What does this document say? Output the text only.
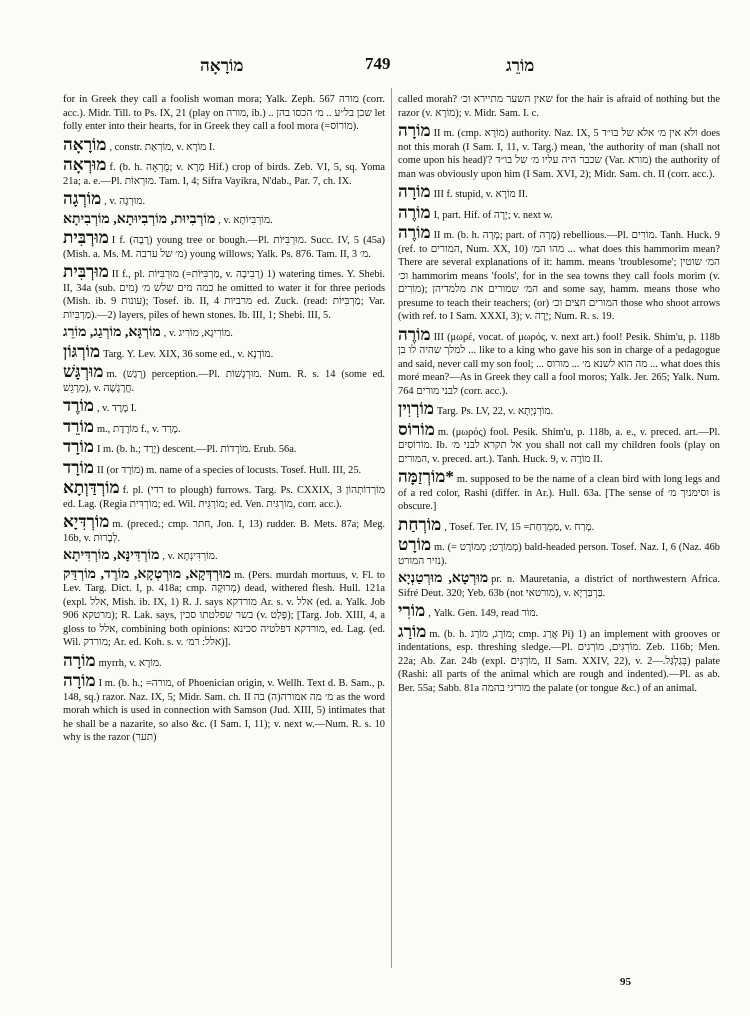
מוֹרָאָה	749	מוֹרֵג
for in Greek they call a foolish woman mora; Yalk. Zeph. 567 מורה (corr. acc.). Midr. Till. to Ps. IX, 21 (play on מורה, ib.) .. שכן בל״ע .. מ׳ הכסו בהן let folly enter into their hearts, for in Greek they call a fool mora (=מוֹרוֹס).
מוֹרָאָה , constr. מוֹרְאַת, v. מוֹרָא I.
מוּרְאָה f. (b. h. מֻרְאָה; v. מְרָא Hif.) crop of birds. Zeb. VI, 5, sq. Yoma 21a; a. e.—Pl. מוּרְאוֹת. Tam. I, 4; Sifra Vayikra, N'dab., Par. 7, ch. IX.
מוֹרְגָה , v. מוּרְגָה.
מוֹרְבִיוּת, מוֹרְבִיוּתָא, מוֹרְבִיתָא , v. מוֹרְבִיוֹתָא.
מוּרְבִּית I f. (רָבָה) young tree or bough.—Pl. מוּרְבִּיּוֹת. Succ. IV, 5 (45a) (Mish. a. Ms. M. מ׳ של ערבה) young willows; Yalk. Ps. 876. Tam. II, 3 מ׳.
מוּרְבִּית II f., pl. מוּרְבִּיּוֹת (=מַרְבִּיּוֹת, v. רְבִיבָה) 1) watering times. Y. Shebi. II, 34a (sub. מים) כמה מים שלש מ׳ he omitted to water it for three periods (Mish. ib. 9 עונות); Tosef. ib. II, 4 מרביות ed. Zuck. (read: מַרְבִּיּוֹת; Var. מַרְבִּיוֹת).—2) layers, piles of hewn stones. Ib. III, 1; Shebi. III, 5.
מוֹרְגָּא, מוֹרְגַג, מוֹרֵג , v. מוֹרִיגָא, מוֹרִיג.
מוֹרְגּוֹן Targ. Y. Lev. XIX, 36 some ed., v. מוֹדְנָא.
מוּרְגָּשׁ m. (רָגַשׁ) perception.—Pl. מוּרְגָשׁוֹת. Num. R. s. 14 (some ed. מְרָגֵשׁ), v. חֲרָגָשָׁה.
מוֹרֶד , v. מֶרֶד I.
מוֹרֵד m., מוֹרֶדֶת f., v. מָרַד.
מוֹרָד I m. (b. h.; יָרַד) descent.—Pl. מוֹרָדוֹת. Erub. 56a.
מוֹרָד II (or מוֹרָד) m. name of a species of locusts. Tosef. Hull. III, 25.
מוֹרְדַּוְתָא f. pl. (רדי to plough) furrows. Targ. Ps. CXXIX, 3 מוֹרְדוֹתְהוֹן ed. Lag. (Regia מוֹרְדִּית; ed. Wil. מוֹרְגִּית; ed. Ven. מוֹרְגִּית, corr. acc.).
מוֹרְדִּיָא m. (preced.; cmp. חתר, Jon. I, 13) rudder. B. Mets. 87a; Meg. 16b, v. לְבָרוּת.
מוֹרְדִּינָּא, מוֹרְדִּיתָא , v. מוֹרְדִּינְתָא.
מוּרְדְּקָא, מוּרְטְקָא, מוֹרֶד, מוֹרְדַּק m. (Pers. murdah mortuus, v. Fl. to Lev. Targ. Dict. I, p. 418a; cmp. מְרוּקָה) dead, withered flesh. Hull. 121a (expl. אלל, Mish. ib. IX, 1) R. J. says מורדקא Ar. s. v. אלל (ed. a. Yalk. Job 906 מרטקא); R. Lak. says, בשר שפלטתו סכין (v. פָּלַט); [Targ. Job. XIII, 4, a gloss to אלל, combining both opinions: מורדקא דפלטיה סכינא, ed. Lag. (ed. Wil. מורדק; Ar. ed. Koh. s. v. אלל: רמ׳)].
מוֹרָה myrrh, v. מוֹרָא.
מוֹרָה I m. (b. h.; =מורה, of Phoenician origin, v. Wellh. Text d. B. Sam., p. 148, sq.) razor. Naz. IX, 5; Midr. Sam. ch. II מ׳ מה אמורה(ה) בה as the word morah which is used in connection with Samson (Jud. XIII, 5) intimates that he shall be a nazarite, so also &c. (I Sam. I, 11); v. next w.—Num. R. s. 10 why is the razor (תער)
called morah? שאין השער מתיירא וכ׳ for the hair is afraid of nothing but the razor (v. מוֹרָא); v. Midr. Sam. I. c.
מוֹרָה II m. (cmp. מוֹרָא) authority. Naz. IX, 5 ולא אין מ׳ אלא של בו״ד does not this morah (I Sam. I, 11, v. Targ.) mean, 'the authority of man (shall not come upon his head)'? שכבר היה עליו מ׳ של בו״ד (Var. מורא) the authority of man was obviously upon him (I Sam. XVI, 2); Midr. Sam. ch. II (corr. acc.).
מוֹרָה III f. stupid, v. מוֹרָא II.
מוֹרֶה I, part. Hif. of יָרָה; v. next w.
מוֹרֶה II m. (b. h. מָרָה; part. of מָרָה) rebellious.—Pl. מוֹרִים. Tanh. Huck. 9 (ref. to המורים, Num. XX, 10) מהו המ׳ ... what does this hammorim mean? There are several explanations of it: hamm. means 'troublesome'; המ׳ שוטין וכ׳ hammorim means 'fools', for in the sea towns they call fools morim (v. מוֹרִים); המ׳ שמורים את מלמדיהן and some say, hamm. means those who presume to teach their teachers; (or) המורים חצים וכ׳ those who shoot arrows (with ref. to I Sam. XXXI, 3); v. יָרָה; Num. R. s. 19.
מוֹרֶה III (μωρέ, vocat. of μωρός, v. next art.) fool! Pesik. Shim'u, p. 118b למלך שהיה לו בן ... like to a king who gave his son in charge of a pedagogue and said, never call my son fool; ... מה הוא לשנא מ׳ ... מורוס ... what does this moré mean?—As in Greek they call a fool moros; Yalk. Jer. 265; Yalk. Num. 764 לבני מורים (corr. acc.).
מוֹרְוִין Targ. Ps. LV, 22, v. מוֹרְנְיָתָא.
מוֹרוֹס m. (μωρός) fool. Pesik. Shim'u, p. 118b, a. e., v. preced. art.—Pl. מוֹרוֹסִים. Ib. אל תקרא לבני מ׳ you shall not call my children fools (play on המורים, v. preced. art.). Tanh. Huck. 9, v. מוֹרֶה II.
*מוֹרְזַמָּה m. supposed to be the name of a clean bird with long legs and of a red color, Rashi (differ. in Ar.). Hull. 63a. [The sense of וסימניך מ׳ is obscure.]
מוֹרְחַת , Tosef. Ter. IV, 15 =מַמְרַחַת, v. מָרַח.
מוֹרָט m. (= מְמוֹרָט; מְמוֹרָט) bald-headed person. Tosef. Naz. I, 6 (Naz. 46b נזיר המורט).
מוּרְטָא, מוּרְטַנְיָא pr. n. Mauretania, a district of northwestern Africa. Sifré Deut. 320; Yeb. 63b (not מורטאי), v. בַּרְבַּרְיָא.
מוֹרִי , Yalk. Gen. 149, read מוֹר.
מוֹרַג m. (b. h. מוֹרָג, מוֹרַג; cmp. אֲרַג Pi) 1) an implement with grooves or indentations, esp. threshing sledge.—Pl. מוֹרִגִּים, מוֹרְגִים. Zeb. 116b; Men. 22a; Ab. Zar. 24b (expl. מוֹרְגִּים, II Sam. XXIV, 22), v. בְּגַלְגַּל.—2) palate (Rashi: all parts of the animal which are rough and indented).—Pl. as ab. Ber. 55a; Sabb. 81a מוריגי בהמה the palate (or tongue &c.) of an animal.
95
